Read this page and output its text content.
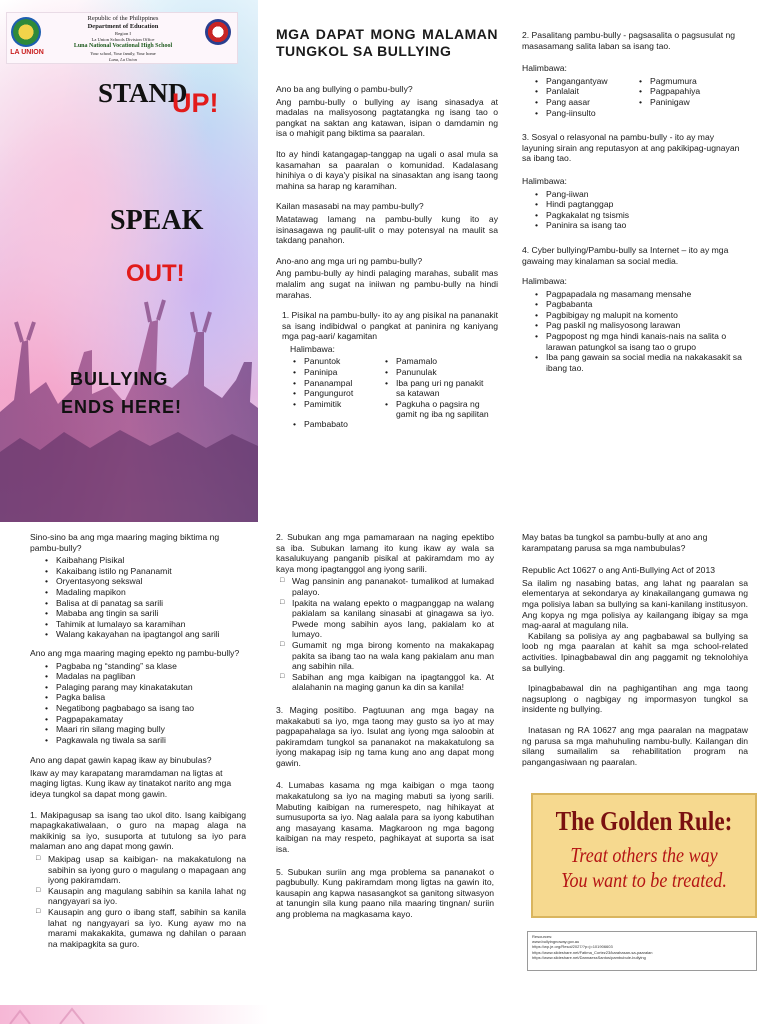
LA UNION
Republic of the Philippines
Department of Education
Region I
La Union Schools Division Office
Luna National Vocational High School
Your school, Your family, Your home
Luna, La Union
STAND
UP!
SPEAK
OUT!
BULLYING
ENDS HERE!
MGA DAPAT MONG MALAMAN TUNGKOL SA BULLYING

Ano ba ang bullying o pambu-bully?

Ang pambu-bully o bullying ay isang sinasadya at madalas na malisyosong pagtatangka ng isang tao o pangkat na saktan ang katawan, isipan o damdamin ng isa o mahigit pang biktima sa paaralan.

Ito ay hindi katangagap-tanggap na ugali o asal mula sa kasamahan sa paaralan o komunidad. Kadalasang hinihiya o di kaya'y pisikal na sinasaktan ang isang taong mahina sa harap ng karamihan.

Kailan masasabi na may pambu-bully?

Matatawag lamang na pambu-bully kung ito ay isinasagawa ng paulit-ulit o may potensyal na maulit sa takdang panahon.

Ano-ano ang mga uri ng pambu-bully?

Ang pambu-bully ay hindi palaging marahas, subalit mas malalim ang sugat na iniiwan ng pambu-bully na hindi marahas.

1. Pisikal na pambu-bully- ito ay ang pisikal na pananakit sa isang indibidwal o pangkat at paninira ng kaniyang mga pag-aari/ kagamitan

Halimbawa:

• Panuntok
• Paninipa
• Pananampal
• Pangungurot
• Pamimitik
• Pambabato
• Pamamalo
• Panunulak
• Iba pang uri ng panakit sa katawan
• Pagkuha o pagsira ng gamit ng iba ng sapilitan

2. Pasalitang pambu-bully - pagsasalita o pagsusulat ng masasamang salita laban sa isang tao.

Halimbawa:

• Pangangantyaw
• Panlalait
• Pang aasar
• Pang-iinsulto
• Pagmumura
• Pagpapahiya
• Paninigaw

3. Sosyal o relasyonal na pambu-bully - ito ay may layuning sirain ang reputasyon at ang pakikipag-ugnayan sa ibang tao.

Halimbawa:

• Pang-iiwan
• Hindi pagtanggap
• Pagkakalat ng tsismis
• Paninira sa isang tao

4. Cyber bullying/Pambu-bully sa Internet – ito ay mga gawaing may kinalaman sa social media.

Halimbawa:

• Pagpapadala ng masamang mensahe
• Pagbabanta
• Pagbibigay ng malupit na komento
• Pag paskil ng malisyosong larawan
• Pagpopost ng mga hindi kanais-nais na salita o larawan patungkol sa isang tao o grupo
• Iba pang gawain sa social media na nakakasakit sa ibang tao.

Sino-sino ba ang mga maaring maging biktima ng pambu-bully?

• Kaibahang Pisikal
• Kakaibang istilo ng Pananamit
• Oryentasyong sekswal
• Madaling mapikon
• Balisa at di panatag sa sarili
• Mababa ang tingin sa sarili
• Tahimik at lumalayo sa karamihan
• Walang kakayahan na ipagtangol ang sarili

Ano ang mga maaring maging epekto ng pambu-bully?

• Pagbaba ng “standing” sa klase
• Madalas na pagliban
• Palaging parang may kinakatakutan
• Pagka balisa
• Negatibong pagbabago sa isang tao
• Pagpapakamatay
• Maari rin silang maging bully
• Pagkawala ng tiwala sa sarili

Ano ang dapat gawin kapag ikaw ay binubulas?

Ikaw ay may karapatang maramdaman na ligtas at maging ligtas. Kung ikaw ay tinatakot narito ang mga ideya tungkol sa dapat mong gawin.

1. Makipagusap sa isang tao ukol dito. Isang kaibigang mapagkakatiwalaan, o guro na mapag alaga na makikinig sa iyo, susuporta at tutulong sa iyo para malaman ano ang dapat mong gawin.

□ Makipag usap sa kaibigan- na makakatulong na sabihin sa iyong guro o magulang o mapagaan ang iyong pakiramdam.
□ Kausapin ang magulang sabihin sa kanila lahat ng nangyayari sa iyo.
□ Kausapin ang guro o ibang staff, sabihin sa kanila lahat ng nangyayari sa iyo. Kung ayaw mo na marami makakakita, gumawa ng dahilan o paraan na makipagkita sa guro.

2. Subukan ang mga pamamaraan na naging epektibo sa iba. Subukan lamang ito kung ikaw ay wala sa kasalukuyang panganib pisikal at pakiramdam mo ay kaya mong ipagtanggol ang iyong sarili.

□ Wag pansinin ang pananakot- tumalikod at lumakad palayo.
□ Ipakita na walang epekto o magpanggap na walang pakialam sa kanilang sinasabi at ginagawa sa iyo. Pwede mong sabihin ayos lang, pakialam ko at lumayo.
□ Gumamit ng mga birong komento na makakapag pakita sa ibang tao na wala kang pakialam anu man ang sabihin nila.
□ Sabihan ang mga kaibigan na ipagtanggol ka. At alalahanin na maging ganun ka din sa kanila!

3. Maging positibo. Pagtuunan ang mga bagay na makakabuti sa iyo, mga taong may gusto sa iyo at may pagpapahalaga sa iyo. Isulat ang iyong mga saloobin at pakiramdam tungkol sa pananakot na makakatulong sa iyong makapag isip ng tama kung ano ang dapat mong gawin.

4. Lumabas kasama ng mga kaibigan o mga taong makakatulong sa iyo na maging mabuti sa iyong sarili. Mabuting kaibigan na rumerespeto, nag hihikayat at sumusuporta sa iyo. Nag aalala para sa iyong kabutihan ang masayang kasama. Magkaroon ng mga bagong kaibigan na may respeto, paghikayat at suporta sa isat isa.

5. Subukan suriin ang mga problema sa pananakot o pagbubully. Kung pakiramdam mong ligtas na gawin ito, kausapin ang kapwa nasasangkot sa ganitong sitwasyon at tanungin sila kung paano nila maaring tingnan/ suriin ang problema na magkasama kayo.

May batas ba tungkol sa pambu-bully at ano ang karampatang parusa sa mga nambubulas?

Republic Act 10627 o ang Anti-Bullying Act of 2013

Sa ilalim ng nasabing batas, ang lahat ng paaralan sa elementarya at sekondarya ay kinakailangang gumawa ng mga polisiya laban sa bullying sa kani-kanilang institusyon. Ang kopya ng mga polisiya ay kailangang ibigay sa mga mag-aaral at magulang nila.

Kabilang sa polisiya ay ang pagbabawal sa bullying sa loob ng mga paaralan at kahit sa mga school-related activities. Ipinagbabawal din ang paggamit ng teknolohiya sa bullying.

Ipinagbabawal din na paghigantihan ang mga taong nagsuplong o nagbigay ng impormasyon tungkol sa insidente ng bullying.

Inatasan ng RA 10627 ang mga paaralan na magpataw ng parusa sa mga mahuhuling nambu-bully. Kailangan din silang sumailalim sa rehabilitation program na pangangasiwaan ng paaralan.

The Golden Rule:
Treat others the way
You want to be treated.
Resources:
www.bullyingnoway.gov.au
https://wp.je.org/Resol/2027/?p=j=101906603
https://www.slideshare.net/Fatima_Cortez23/karahasan-sa-paaralan
https://www.slideshare.net/DannaessSantos/pambubule-bullying
